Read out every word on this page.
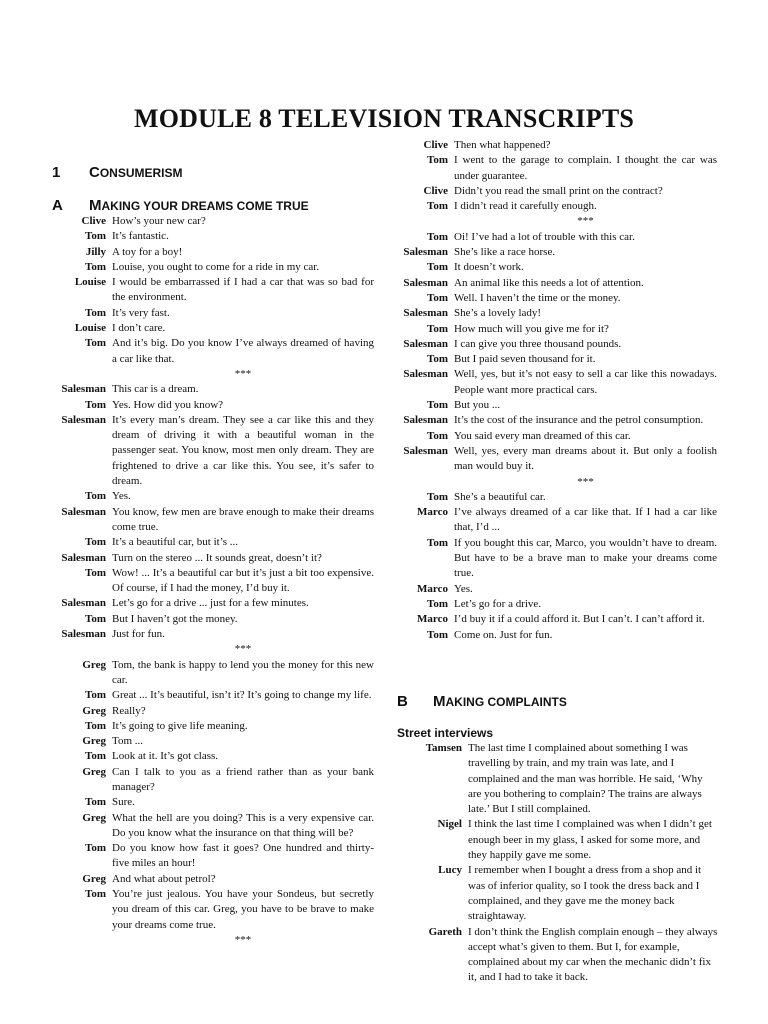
MODULE 8 TELEVISION TRANSCRIPTS
1 CONSUMERISM
A MAKING YOUR DREAMS COME TRUE
Clive How’s your new car?
Tom It’s fantastic.
Jilly A toy for a boy!
Tom Louise, you ought to come for a ride in my car.
Louise I would be embarrassed if I had a car that was so bad for the environment.
Tom It’s very fast.
Louise I don’t care.
Tom And it’s big. Do you know I’ve always dreamed of having a car like that.
***
Salesman This car is a dream.
Tom Yes. How did you know?
Salesman It’s every man’s dream. They see a car like this and they dream of driving it with a beautiful woman in the passenger seat. You know, most men only dream. They are frightened to drive a car like this. You see, it’s safer to dream.
Tom Yes.
Salesman You know, few men are brave enough to make their dreams come true.
Tom It’s a beautiful car, but it’s ...
Salesman Turn on the stereo ... It sounds great, doesn’t it?
Tom Wow! ... It’s a beautiful car but it’s just a bit too expensive. Of course, if I had the money, I’d buy it.
Salesman Let’s go for a drive ... just for a few minutes.
Tom But I haven’t got the money.
Salesman Just for fun.
***
Greg Tom, the bank is happy to lend you the money for this new car.
Tom Great ... It’s beautiful, isn’t it? It’s going to change my life.
Greg Really?
Tom It’s going to give life meaning.
Greg Tom ...
Tom Look at it. It’s got class.
Greg Can I talk to you as a friend rather than as your bank manager?
Tom Sure.
Greg What the hell are you doing? This is a very expensive car. Do you know what the insurance on that thing will be?
Tom Do you know how fast it goes? One hundred and thirty-five miles an hour!
Greg And what about petrol?
Tom You’re just jealous. You have your Sondeus, but secretly you dream of this car. Greg, you have to be brave to make your dreams come true.
***
Clive Then what happened?
Tom I went to the garage to complain. I thought the car was under guarantee.
Clive Didn’t you read the small print on the contract?
Tom I didn’t read it carefully enough.
***
Tom Oi! I’ve had a lot of trouble with this car.
Salesman She’s like a race horse.
Tom It doesn’t work.
Salesman An animal like this needs a lot of attention.
Tom Well. I haven’t the time or the money.
Salesman She’s a lovely lady!
Tom How much will you give me for it?
Salesman I can give you three thousand pounds.
Tom But I paid seven thousand for it.
Salesman Well, yes, but it’s not easy to sell a car like this nowadays. People want more practical cars.
Tom But you ...
Salesman It’s the cost of the insurance and the petrol consumption.
Tom You said every man dreamed of this car.
Salesman Well, yes, every man dreams about it. But only a foolish man would buy it.
***
Tom She’s a beautiful car.
Marco I’ve always dreamed of a car like that. If I had a car like that, I’d ...
Tom If you bought this car, Marco, you wouldn’t have to dream. But have to be a brave man to make your dreams come true.
Marco Yes.
Tom Let’s go for a drive.
Marco I’d buy it if a could afford it. But I can’t. I can’t afford it.
Tom Come on. Just for fun.
B MAKING COMPLAINTS
Street interviews
Tamsen The last time I complained about something I was travelling by train, and my train was late, and I complained and the man was horrible. He said, ‘Why are you bothering to complain? The trains are always late.’ But I still complained.
Nigel I think the last time I complained was when I didn’t get enough beer in my glass, I asked for some more, and they happily gave me some.
Lucy I remember when I bought a dress from a shop and it was of inferior quality, so I took the dress back and I complained, and they gave me the money back straightaway.
Gareth I don’t think the English complain enough – they always accept what’s given to them. But I, for example, complained about my car when the mechanic didn’t fix it, and I had to take it back.
